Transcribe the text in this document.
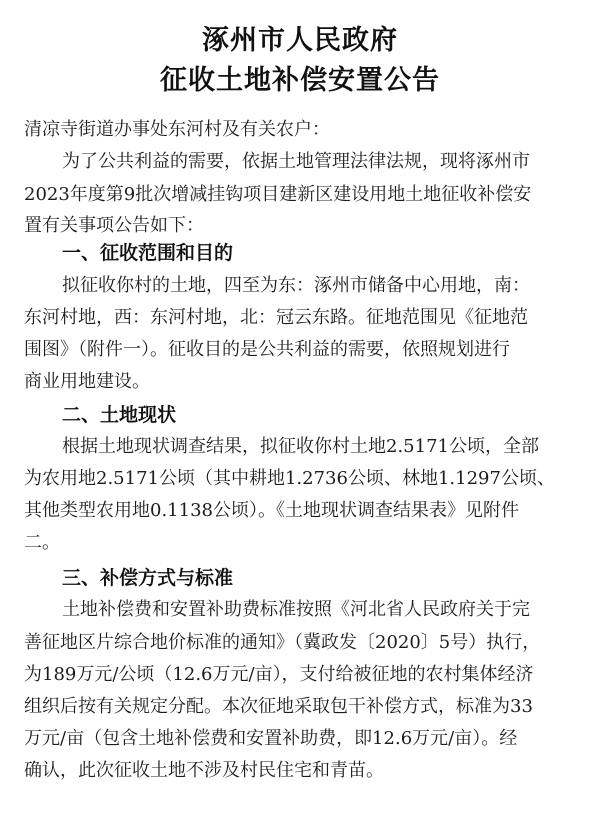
涿州市人民政府
征收土地补偿安置公告
清凉寺街道办事处东河村及有关农户：
为了公共利益的需要，依据土地管理法律法规，现将涿州市
2023年度第9批次增减挂钩项目建新区建设用地土地征收补偿安
置有关事项公告如下：
一、征收范围和目的
拟征收你村的土地，四至为东：涿州市储备中心用地，南：
东河村地，西：东河村地，北：冠云东路。征地范围见《征地范
围图》（附件一）。征收目的是公共利益的需要，依照规划进行
商业用地建设。
二、土地现状
根据土地现状调查结果，拟征收你村土地2.5171公顷，全部
为农用地2.5171公顷（其中耕地1.2736公顷、林地1.1297公顷、
其他类型农用地0.1138公顷）。《土地现状调查结果表》见附件
二。
三、补偿方式与标准
土地补偿费和安置补助费标准按照《河北省人民政府关于完
善征地区片综合地价标准的通知》（冀政发〔2020〕5号）执行，
为189万元/公顷（12.6万元/亩），支付给被征地的农村集体经济
组织后按有关规定分配。本次征地采取包干补偿方式，标准为33
万元/亩（包含土地补偿费和安置补助费，即12.6万元/亩）。经
确认，此次征收土地不涉及村民住宅和青苗。
